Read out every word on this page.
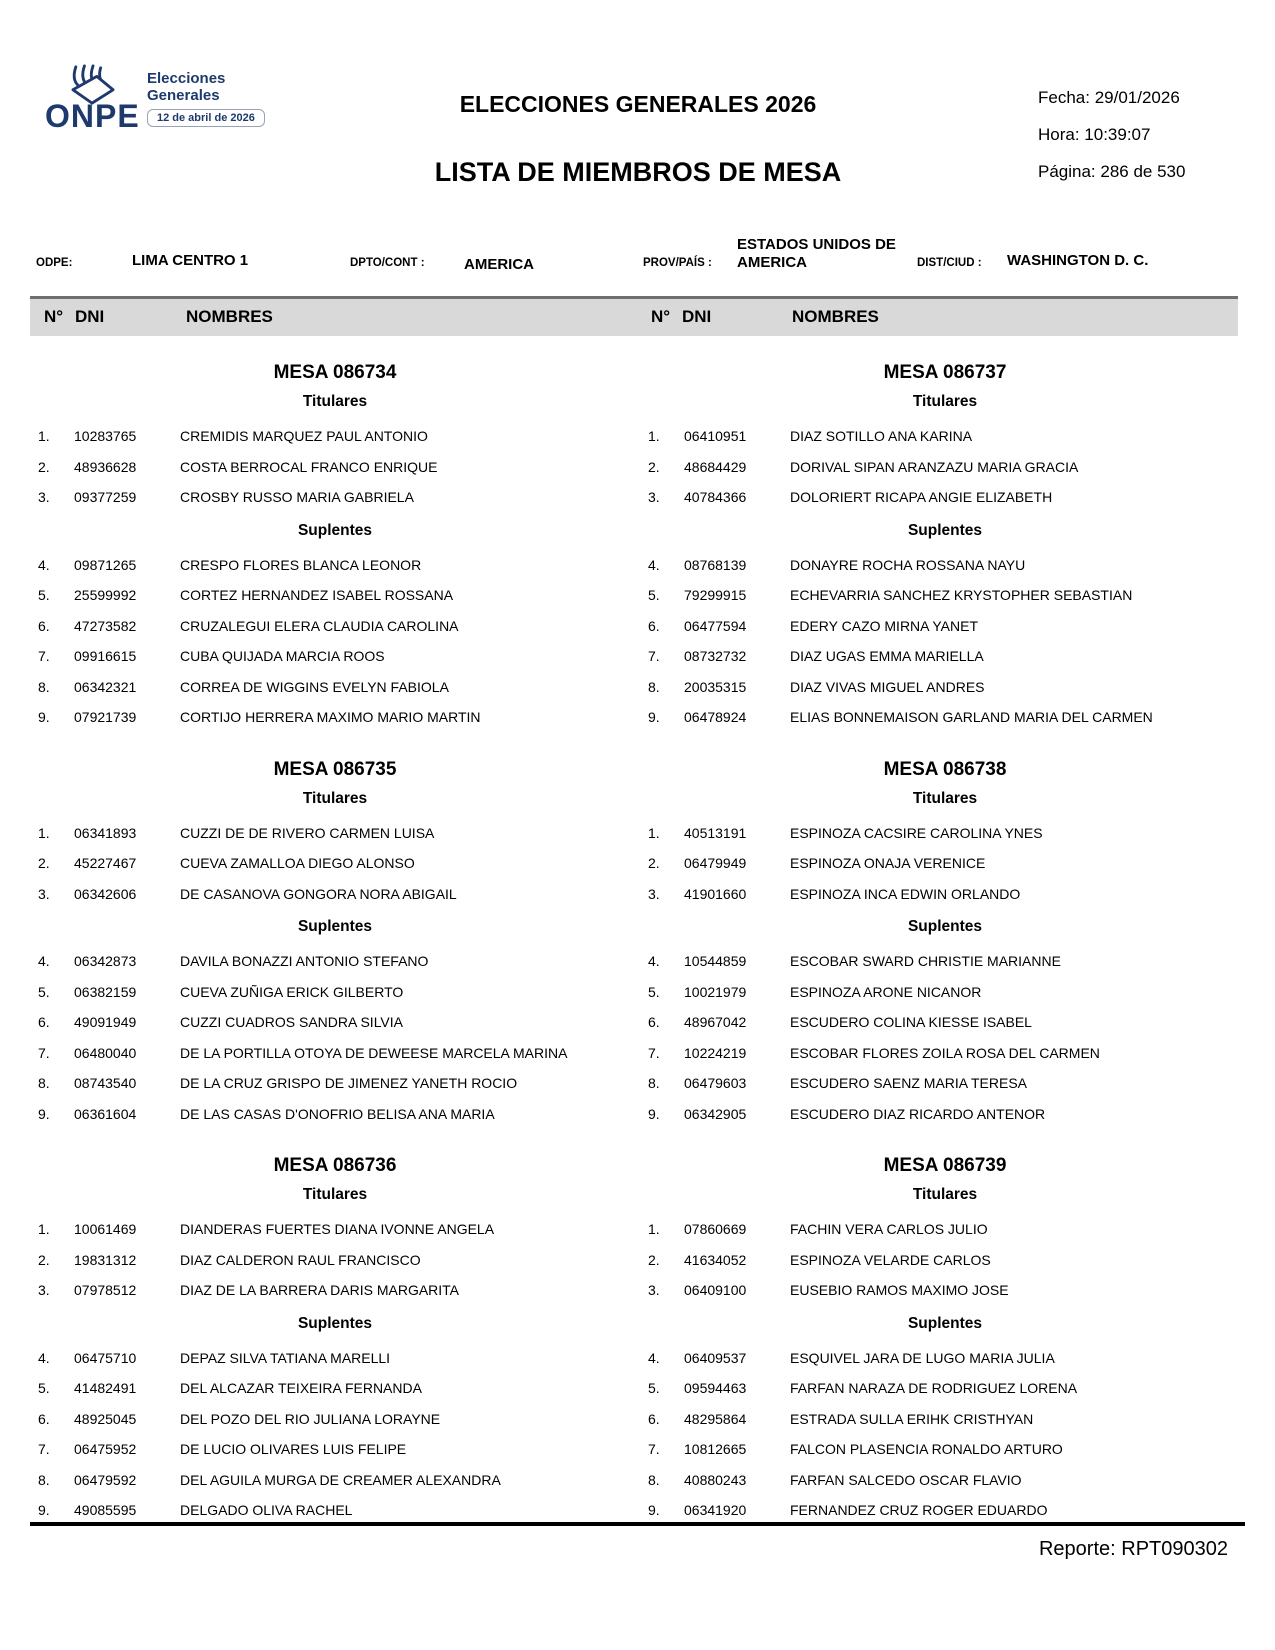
ONPE
Elecciones
Generales
12 de abril de 2026
ELECCIONES GENERALES 2026
LISTA DE MIEMBROS DE MESA
Fecha: 29/01/2026
Hora: 10:39:07
Página: 286 de 530
ODPE:	LIMA CENTRO 1	DPTO/CONT :	AMERICA	PROV/PAÍS :
ESTADOS UNIDOS DE AMERICA	DIST/CIUD : WASHINGTON D. C.
N° DNI	NOMBRES	N° DNI	NOMBRES
MESA 086734
Titulares
1.	10283765	CREMIDIS MARQUEZ PAUL ANTONIO
2.	48936628	COSTA BERROCAL FRANCO ENRIQUE
3.	09377259	CROSBY RUSSO MARIA GABRIELA
Suplentes
4.	09871265	CRESPO FLORES BLANCA LEONOR
5.	25599992	CORTEZ HERNANDEZ ISABEL ROSSANA
6.	47273582	CRUZALEGUI ELERA CLAUDIA CAROLINA
7.	09916615	CUBA QUIJADA MARCIA ROOS
8.	06342321	CORREA DE WIGGINS EVELYN FABIOLA
9.	07921739	CORTIJO HERRERA MAXIMO MARIO MARTIN
MESA 086735
Titulares
1.	06341893	CUZZI DE DE RIVERO CARMEN LUISA
2.	45227467	CUEVA ZAMALLOA DIEGO ALONSO
3.	06342606	DE CASANOVA GONGORA NORA ABIGAIL
Suplentes
4.	06342873	DAVILA BONAZZI ANTONIO STEFANO
5.	06382159	CUEVA ZUÑIGA ERICK GILBERTO
6.	49091949	CUZZI CUADROS SANDRA SILVIA
7.	06480040	DE LA PORTILLA OTOYA DE DEWEESE MARCELA MARINA
8.	08743540	DE LA CRUZ GRISPO DE JIMENEZ YANETH ROCIO
9.	06361604	DE LAS CASAS D'ONOFRIO BELISA ANA MARIA
MESA 086736
Titulares
1.	10061469	DIANDERAS FUERTES DIANA IVONNE ANGELA
2.	19831312	DIAZ CALDERON RAUL FRANCISCO
3.	07978512	DIAZ DE LA BARRERA DARIS MARGARITA
Suplentes
4.	06475710	DEPAZ SILVA TATIANA MARELLI
5.	41482491	DEL ALCAZAR TEIXEIRA FERNANDA
6.	48925045	DEL POZO DEL RIO JULIANA LORAYNE
7.	06475952	DE LUCIO OLIVARES LUIS FELIPE
8.	06479592	DEL AGUILA MURGA DE CREAMER ALEXANDRA
9.	49085595	DELGADO OLIVA RACHEL
MESA 086737
Titulares
1.	06410951	DIAZ SOTILLO ANA KARINA
2.	48684429	DORIVAL SIPAN ARANZAZU MARIA GRACIA
3.	40784366	DOLORIERT RICAPA ANGIE ELIZABETH
Suplentes
4.	08768139	DONAYRE ROCHA ROSSANA NAYU
5.	79299915	ECHEVARRIA SANCHEZ KRYSTOPHER SEBASTIAN
6.	06477594	EDERY CAZO MIRNA YANET
7.	08732732	DIAZ UGAS EMMA MARIELLA
8.	20035315	DIAZ VIVAS MIGUEL ANDRES
9.	06478924	ELIAS BONNEMAISON GARLAND MARIA DEL CARMEN
MESA 086738
Titulares
1.	40513191	ESPINOZA CACSIRE CAROLINA YNES
2.	06479949	ESPINOZA ONAJA VERENICE
3.	41901660	ESPINOZA INCA EDWIN ORLANDO
Suplentes
4.	10544859	ESCOBAR SWARD CHRISTIE MARIANNE
5.	10021979	ESPINOZA ARONE NICANOR
6.	48967042	ESCUDERO COLINA KIESSE ISABEL
7.	10224219	ESCOBAR FLORES ZOILA ROSA DEL CARMEN
8.	06479603	ESCUDERO SAENZ MARIA TERESA
9.	06342905	ESCUDERO DIAZ RICARDO ANTENOR
MESA 086739
Titulares
1.	07860669	FACHIN VERA CARLOS JULIO
2.	41634052	ESPINOZA VELARDE CARLOS
3.	06409100	EUSEBIO RAMOS MAXIMO JOSE
Suplentes
4.	06409537	ESQUIVEL JARA DE LUGO MARIA JULIA
5.	09594463	FARFAN NARAZA DE RODRIGUEZ LORENA
6.	48295864	ESTRADA SULLA ERIHK CRISTHYAN
7.	10812665	FALCON PLASENCIA RONALDO ARTURO
8.	40880243	FARFAN SALCEDO OSCAR FLAVIO
9.	06341920	FERNANDEZ CRUZ ROGER EDUARDO
Reporte: RPT090302
